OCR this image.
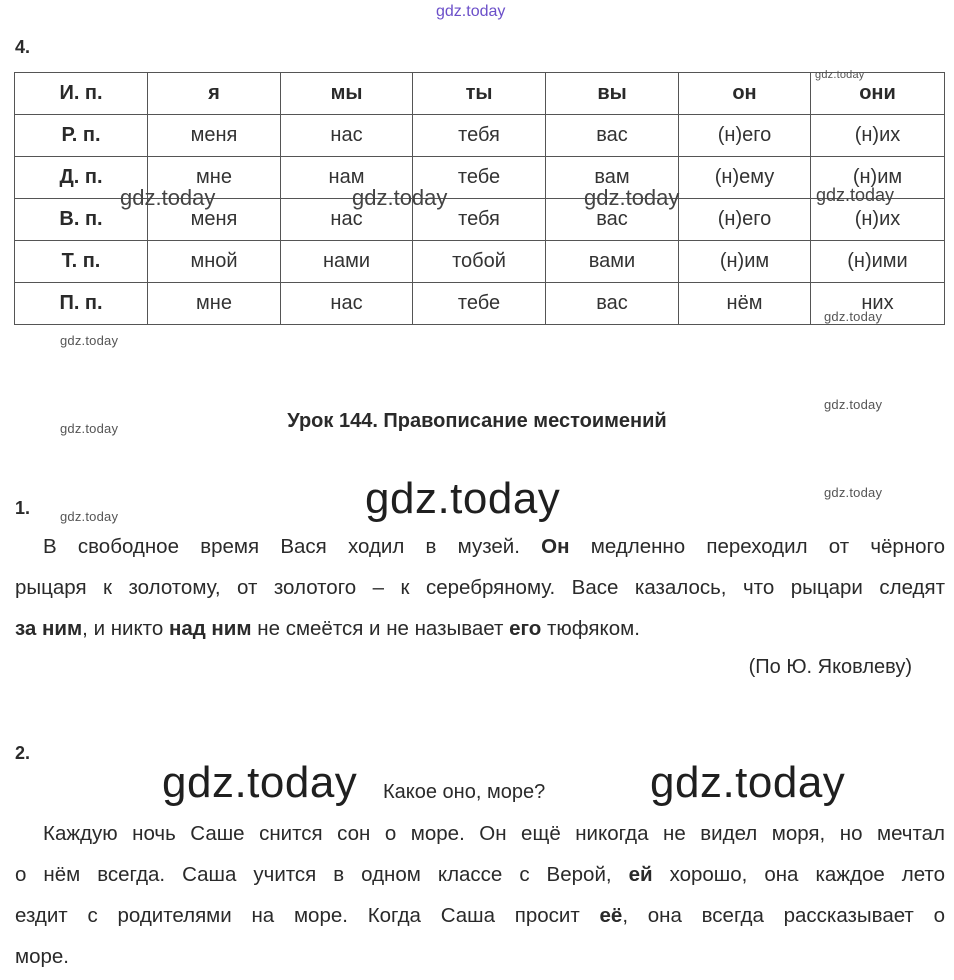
gdz.today
4.
И. п.	я	мы	ты	вы	он	они
Р. п.	меня	нас	тебя	вас	(н)его	(н)их
Д. п.	мне	нам	тебе	вам	(н)ему	(н)им
В. п.	меня	нас	тебя	вас	(н)его	(н)их
Т. п.	мной	нами	тобой	вами	(н)им	(н)ими
П. п.	мне	нас	тебе	вас	нём	них
gdz.today
gdz.today	gdz.today	gdz.today	gdz.today
gdz.today
gdz.today
gdz.today
gdz.today	Урок 144. Правописание местоимений
1.	gdz.today	gdz.today
gdz.today
В свободное время Вася ходил в музей. Он медленно переходил от чёрного
рыцаря к золотому, от золотого – к серебряному. Васе казалось, что рыцари следят
за ним, и никто над ним не смеётся и не называет его тюфяком.
(По Ю. Яковлеву)
2.
gdz.today	gdz.today
Какое оно, море?
Каждую ночь Саше снится сон о море. Он ещё никогда не видел моря, но мечтал
о нём всегда. Саша учится в одном классе с Верой, ей хорошо, она каждое лето
ездит с родителями на море. Когда Саша просит её, она всегда рассказывает о
море.
